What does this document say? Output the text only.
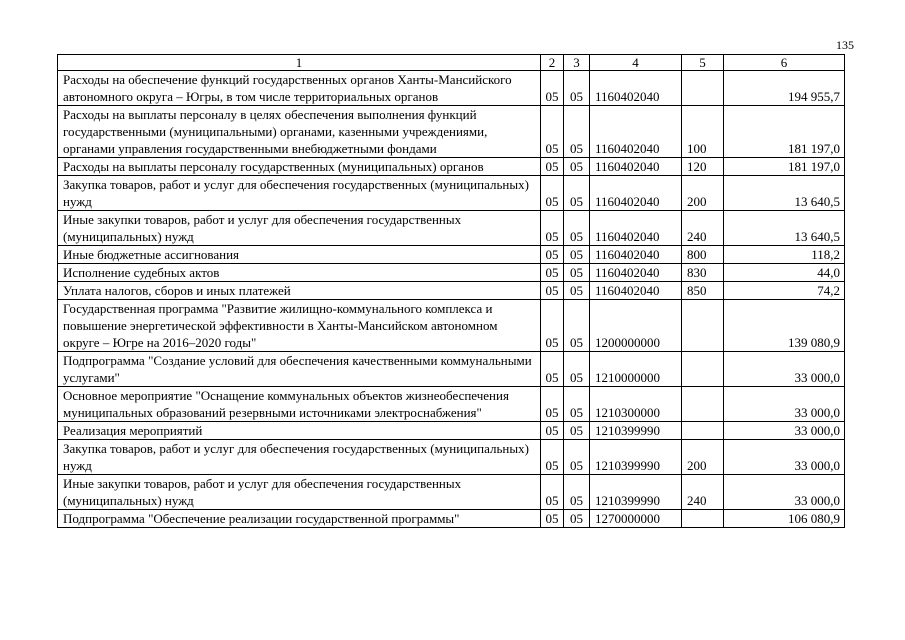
135
1	2	3	4	5	6
Расходы на обеспечение функций государственных органов Ханты-Мансийского автономного округа – Югры, в том числе территориальных органов	05	05	1160402040		194 955,7
Расходы на выплаты персоналу в целях обеспечения выполнения функций государственными (муниципальными) органами, казенными учреждениями, органами управления государственными внебюджетными фондами	05	05	1160402040	100	181 197,0
Расходы на выплаты персоналу государственных (муниципальных) органов	05	05	1160402040	120	181 197,0
Закупка товаров, работ и услуг для обеспечения государственных (муниципальных) нужд	05	05	1160402040	200	13 640,5
Иные закупки товаров, работ и услуг для обеспечения государственных (муниципальных) нужд	05	05	1160402040	240	13 640,5
Иные бюджетные ассигнования	05	05	1160402040	800	118,2
Исполнение судебных актов	05	05	1160402040	830	44,0
Уплата налогов, сборов и иных платежей	05	05	1160402040	850	74,2
Государственная программа "Развитие жилищно-коммунального комплекса и повышение энергетической эффективности в Ханты-Мансийском автономном округе – Югре на 2016–2020 годы"	05	05	1200000000		139 080,9
Подпрограмма "Создание условий для обеспечения качественными коммунальными услугами"	05	05	1210000000		33 000,0
Основное мероприятие "Оснащение коммунальных объектов жизнеобеспечения муниципальных образований резервными источниками электроснабжения"	05	05	1210300000		33 000,0
Реализация мероприятий	05	05	1210399990		33 000,0
Закупка товаров, работ и услуг для обеспечения государственных (муниципальных) нужд	05	05	1210399990	200	33 000,0
Иные закупки товаров, работ и услуг для обеспечения государственных (муниципальных) нужд	05	05	1210399990	240	33 000,0
Подпрограмма "Обеспечение реализации государственной программы"	05	05	1270000000		106 080,9
